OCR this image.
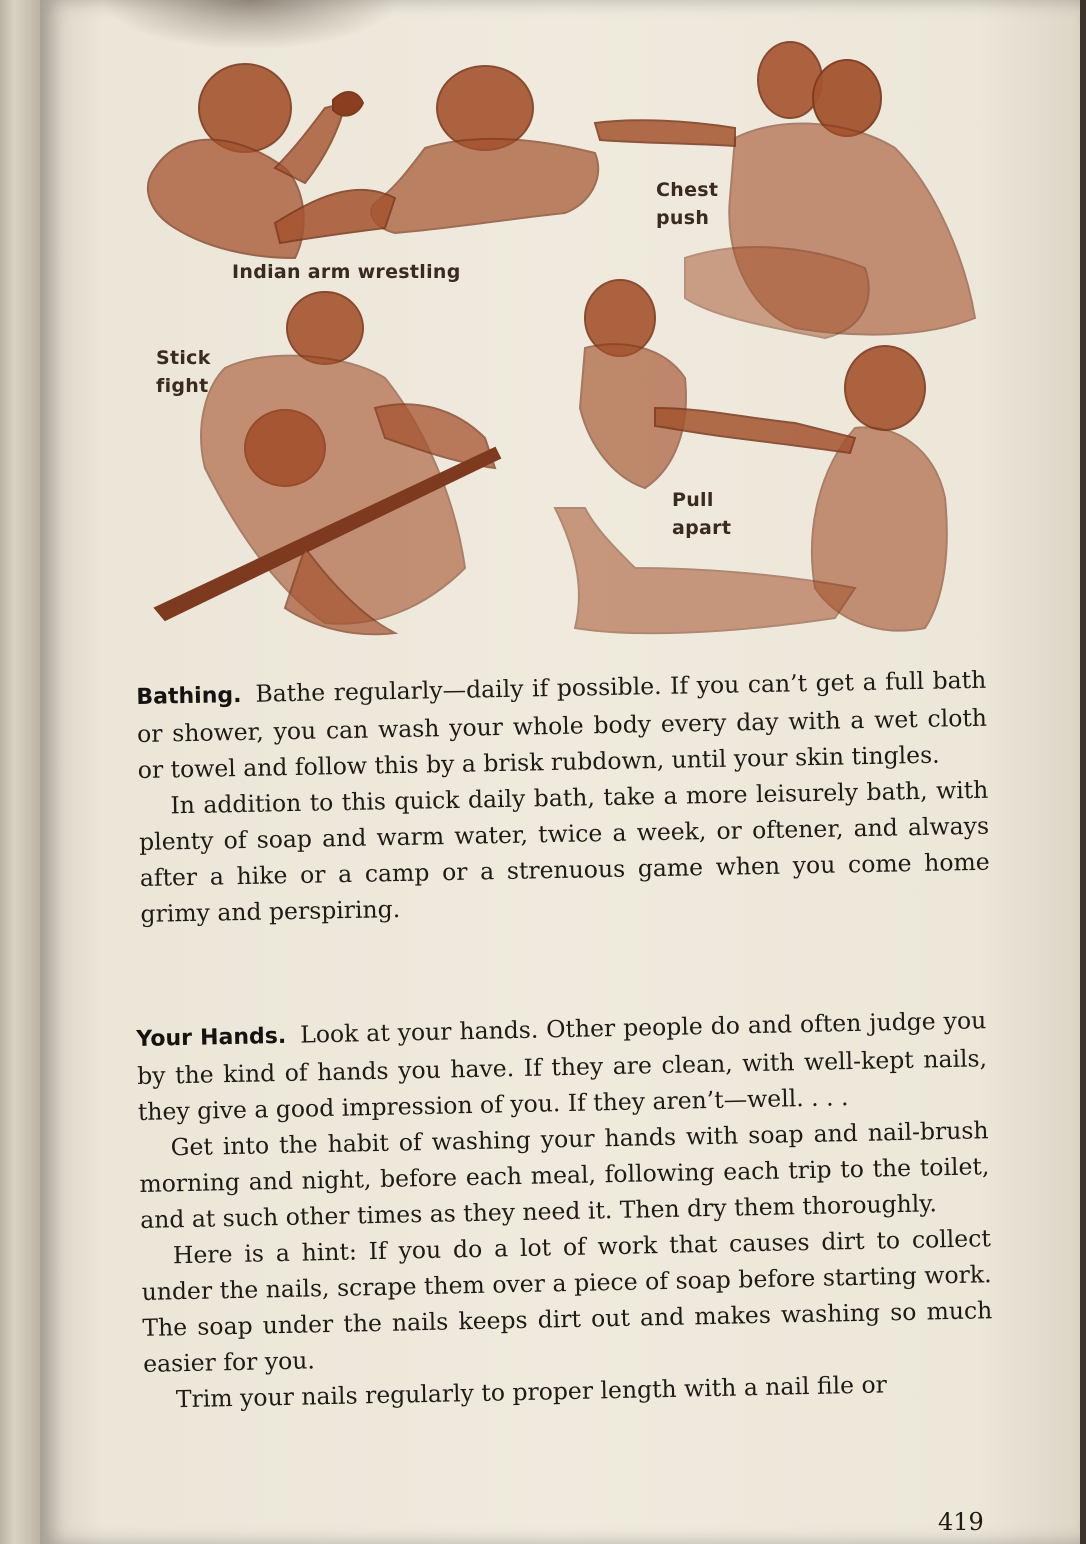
Indian arm wrestling
Chest
push
Stick
fight
Pull
apart

Bathing. Bathe regularly—daily if possible. If you can’t get a full bath or shower, you can wash your whole body every day with a wet cloth or towel and follow this by a brisk rubdown, until your skin tingles.

In addition to this quick daily bath, take a more leisurely bath, with plenty of soap and warm water, twice a week, or oftener, and always after a hike or a camp or a strenuous game when you come home grimy and perspiring.

Your Hands. Look at your hands. Other people do and often judge you by the kind of hands you have. If they are clean, with well-kept nails, they give a good impression of you. If they aren’t—well. . . .

Get into the habit of washing your hands with soap and nail-brush morning and night, before each meal, following each trip to the toilet, and at such other times as they need it. Then dry them thoroughly.

Here is a hint: If you do a lot of work that causes dirt to collect under the nails, scrape them over a piece of soap before starting work. The soap under the nails keeps dirt out and makes washing so much easier for you.

Trim your nails regularly to proper length with a nail file or

419
